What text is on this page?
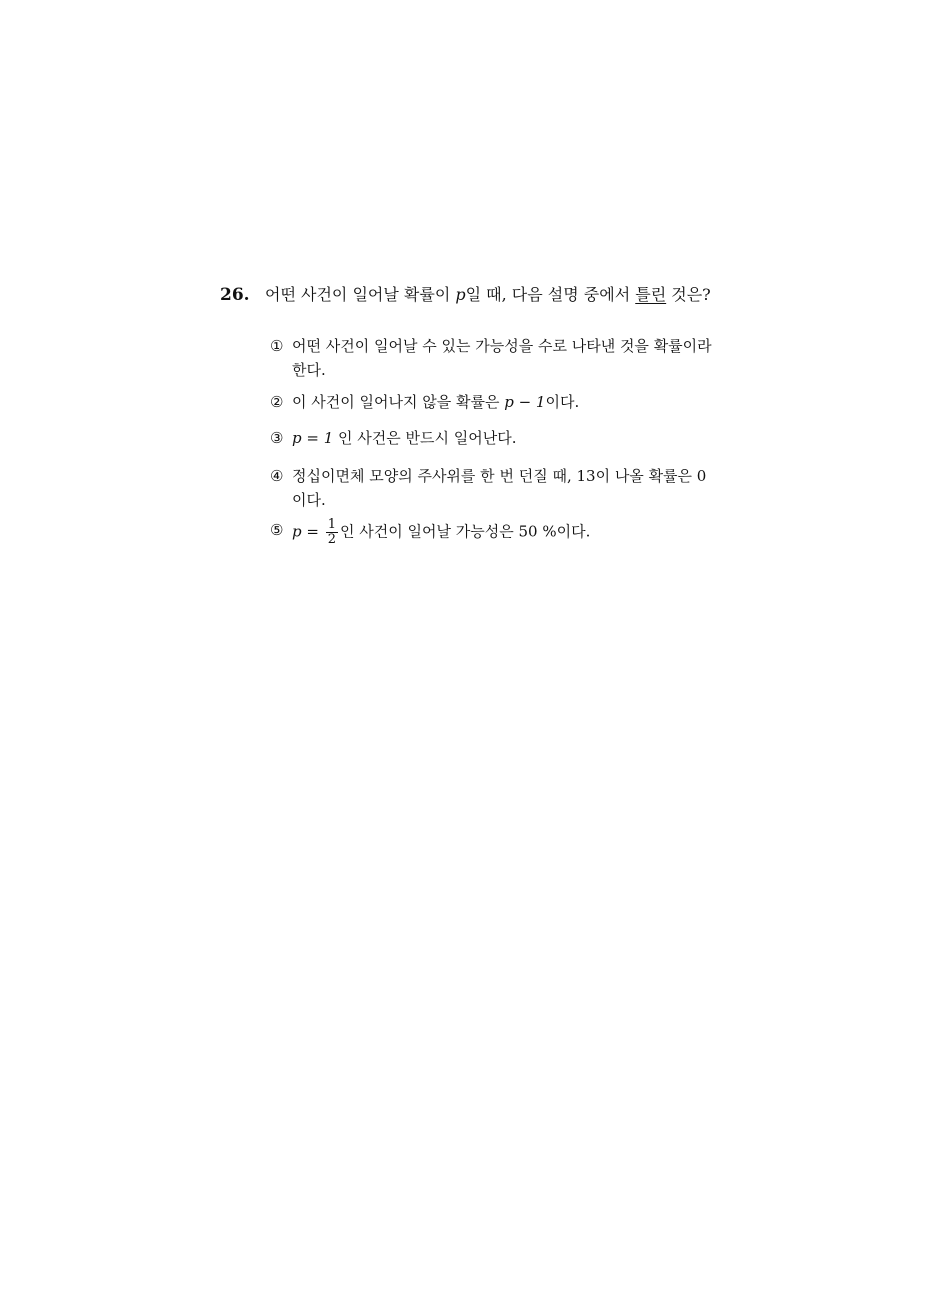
26. 어떤 사건이 일어날 확률이 p일 때, 다음 설명 중에서 틀린 것은?
① 어떤 사건이 일어날 수 있는 가능성을 수로 나타낸 것을 확률이라
한다.
② 이 사건이 일어나지 않을 확률은 p − 1이다.
③ p = 1 인 사건은 반드시 일어난다.
④ 정십이면체 모양의 주사위를 한 번 던질 때, 13이 나올 확률은 0
이다.
⑤ $p = \frac{1}{2}$ 인 사건이 일어날 가능성은 50 %이다.
